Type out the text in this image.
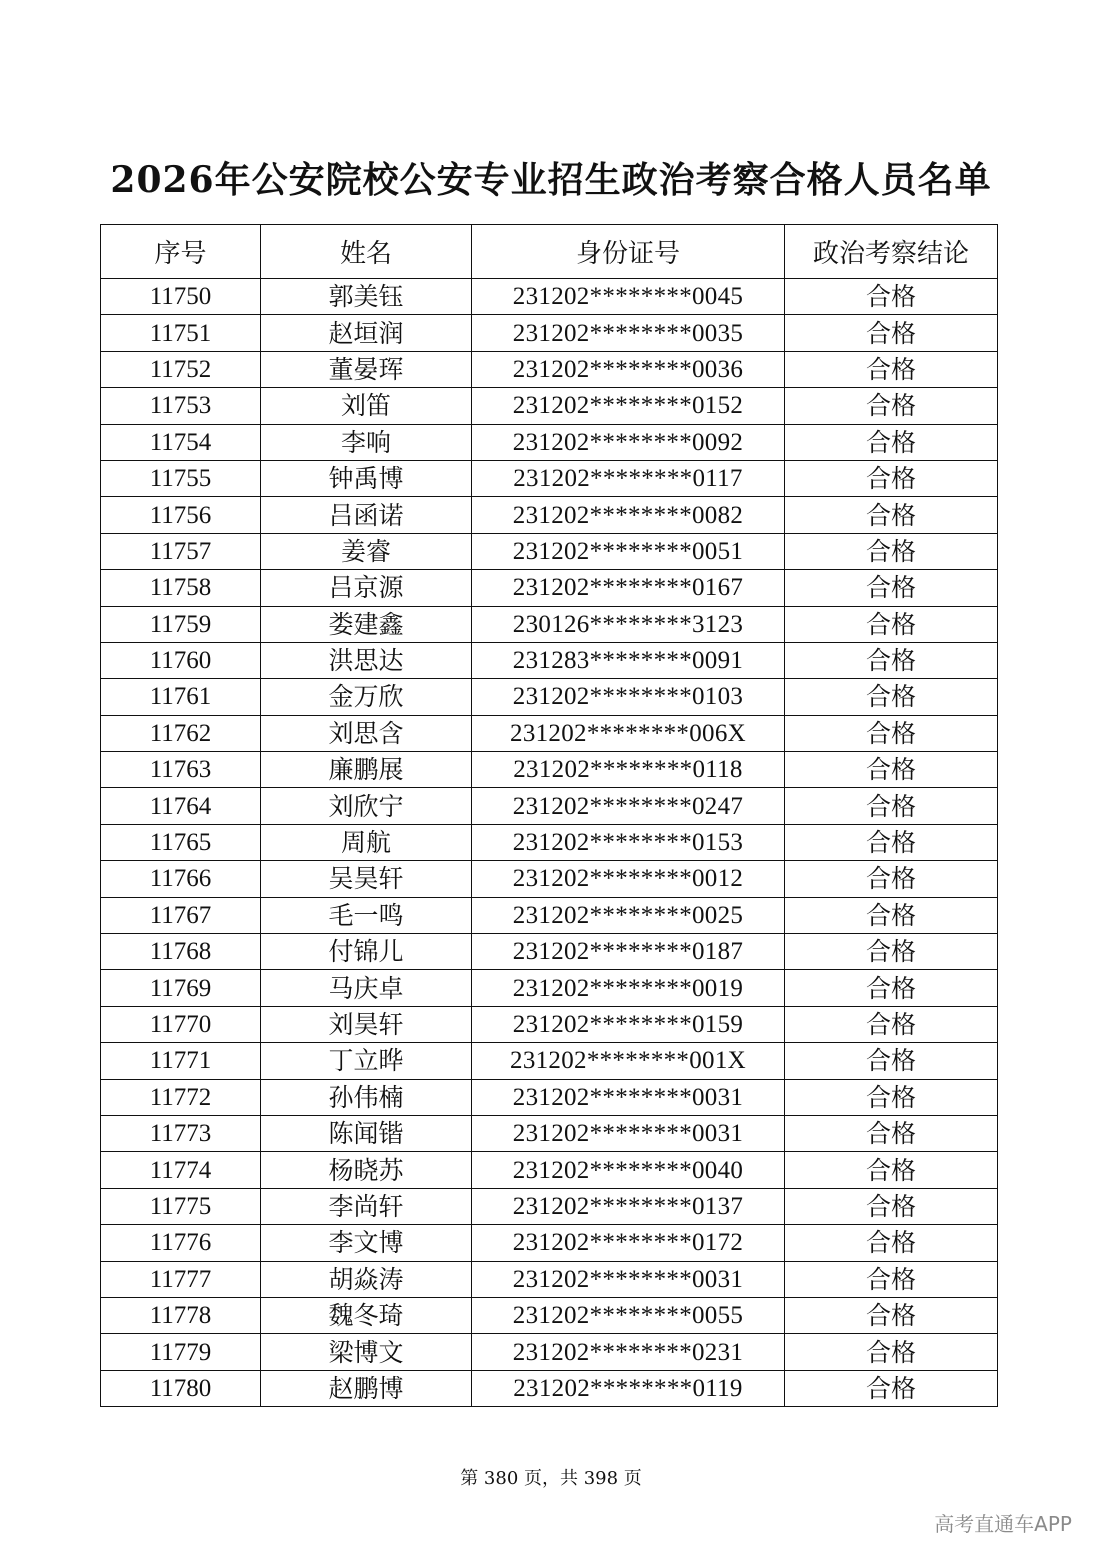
2026年公安院校公安专业招生政治考察合格人员名单
序号	姓名	身份证号	政治考察结论
11750	郭美钰	231202********0045	合格
11751	赵垣润	231202********0035	合格
11752	董晏珲	231202********0036	合格
11753	刘笛	231202********0152	合格
11754	李响	231202********0092	合格
11755	钟禹博	231202********0117	合格
11756	吕函诺	231202********0082	合格
11757	姜睿	231202********0051	合格
11758	吕京源	231202********0167	合格
11759	娄建鑫	230126********3123	合格
11760	洪思达	231283********0091	合格
11761	金万欣	231202********0103	合格
11762	刘思含	231202********006X	合格
11763	廉鹏展	231202********0118	合格
11764	刘欣宁	231202********0247	合格
11765	周航	231202********0153	合格
11766	吴昊轩	231202********0012	合格
11767	毛一鸣	231202********0025	合格
11768	付锦儿	231202********0187	合格
11769	马庆卓	231202********0019	合格
11770	刘昊轩	231202********0159	合格
11771	丁立晔	231202********001X	合格
11772	孙伟楠	231202********0031	合格
11773	陈闻锴	231202********0031	合格
11774	杨晓苏	231202********0040	合格
11775	李尚轩	231202********0137	合格
11776	李文博	231202********0172	合格
11777	胡焱涛	231202********0031	合格
11778	魏冬琦	231202********0055	合格
11779	梁博文	231202********0231	合格
11780	赵鹏博	231202********0119	合格
第 380 页，共 398 页
高考直通车APP
